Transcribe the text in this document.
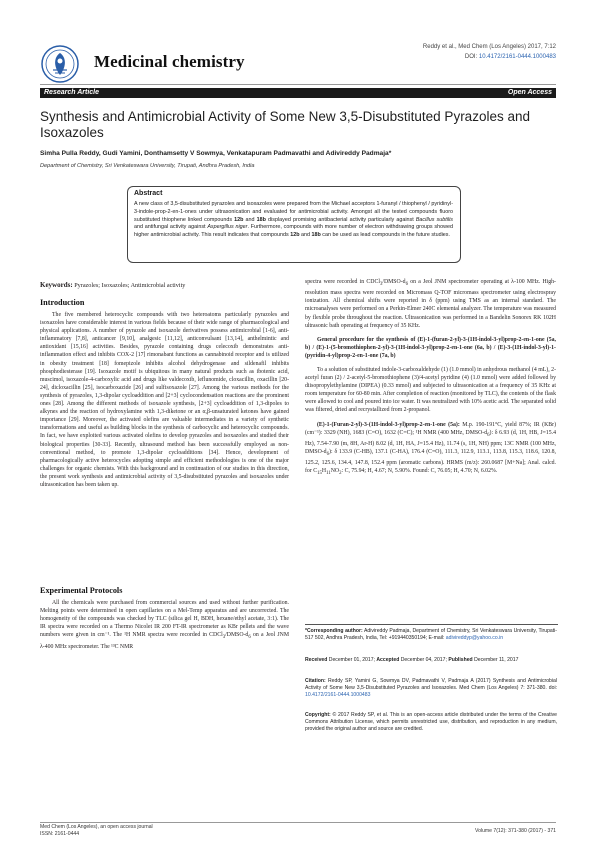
Medicinal chemistry
Reddy et al., Med Chem (Los Angeles) 2017, 7:12
DOI: 10.4172/2161-0444.1000483
Research Article	Open Access
Synthesis and Antimicrobial Activity of Some New 3,5-Disubstituted Pyrazoles and Isoxazoles
Simha Pulla Reddy, Gudi Yamini, Donthamsetty V Sowmya, Venkatapuram Padmavathi and Adivireddy Padmaja*
Department of Chemistry, Sri Venkateswara University, Tirupati, Andhra Pradesh, India
Abstract
A new class of 3,5-disubstituted pyrazoles and isoxazoles were prepared from the Michael acceptors 1-furanyl / thiophenyl / pyridinyl-3-indole-prop-2-en-1-ones under ultrasonication and evaluated for antimicrobial activity. Amongst all the tested compounds fluoro substituted thiophene linked compounds 12b and 18b displayed promising antibacterial activity particularly against Bacillus subtilis and antifungal activity against Aspergillus niger. Furthermore, compounds with more number of electron withdrawing groups showed higher antimicrobial activity. This result indicates that compounds 12b and 18b can be used as lead compounds in the future studies.
Keywords: Pyrazoles; Isoxazoles; Antimicrobial activity
Introduction

The five membered heterocyclic compounds with two heteroatoms particularly pyrazoles and isoxazoles have considerable interest in various fields because of their wide range of pharmacological and physical applications. A number of pyrazole and isoxazole derivatives possess antimicrobial [1-6], anti-inflammatory [7,8], anticancer [9,10], analgesic [11,12], anticonvulsant [13,14], anthelmintic and antioxidant [15,16] activities. Besides, pyrazole containing drugs celecoxib demonstrates anti-inflammation effect and inhibits COX-2 [17] rimonabant functions as cannabinoid receptor and is utilized in obesity treatment [18] fomepizole inhibits alcohol dehydrogenase and sildenafil inhibits phosphodiesterase [19]. Isoxazole motif is ubiquitous in many natural products such as ibotenic acid, muscimol, isoxazole-4-carboxylic acid and drugs like valdecoxib, leflunomide, cloxacillin, oxacillin [20-24], dicloxacillin [25], isocarboxazide [26] and sulfisoxazole [27]. Among the various methods for the synthesis of pyrazoles, 1,3-dipolar cycloaddition and [2+3] cyclocondensation reactions are the prominent ones [28]. Among the different methods of isoxazole synthesis, [2+3] cycloaddition of 1,3-dipoles to alkynes and the reaction of hydroxylamine with 1,3-diketone or an α,β-unsaturated ketones have gained importance [29]. Moreover, the activated olefins are valuable intermediates in a variety of synthetic transformations and useful as building blocks in the synthesis of carbocyclic and heterocyclic compounds. In fact, we have exploited various activated olefins to develop pyrazoles and isoxazoles and studied their biological properties [30-33]. Recently, ultrasound method has been successfully employed as non-conventional method, to promote 1,3-dipolar cycloadditions [34]. Hence, development of pharmacologically active heterocycles adopting simple and efficient methodologies is one of the major challenges for organic chemists. With this background and in continuation of our studies in this direction, the present work synthesis and antimicrobial activity of 3,5-disubstituted pyrazoles and isoxazoles under ultrasonication has been taken up.

Experimental Protocols

All the chemicals were purchased from commercial sources and used without further purification. Melting points were determined in open capillaries on a Mel-Temp apparatus and are uncorrected. The homogeneity of the compounds was checked by TLC (silica gel H, BDH, hexane/ethyl acetate, 3:1). The IR spectra were recorded on a Thermo Nicolet IR 200 FT-IR spectrometer as KBr pellets and the wave numbers were given in cm⁻¹. The ¹H NMR spectra were recorded in $CDCl_3/DMSO-d_6$ on a Jeol JNM λ-400 MHz spectrometer. The ¹³C NMR

spectra were recorded in $CDCl_3/DMSO-d_6$ on a Jeol JNM spectrometer operating at λ-100 MHz. High-resolution mass spectra were recorded on Micromass Q-TOF micromass spectrometer using electrospray ionization. All chemical shifts were reported in δ (ppm) using TMS as an internal standard. The microanalyses were performed on a Perkin-Elmer 240C elemental analyzer. The temperature was measured by flexible probe throughout the reaction. Ultrasonication was performed in a Bandelin Sonorex RK 102H ultrasonic bath operating at frequency of 35 KHz.

General procedure for the synthesis of (E)-1-(furan-2-yl)-3-(1H-indol-3-yl)prop-2-en-1-one (5a, b) / (E)-1-(5-bromothiophen-2-yl)-3-(1H-indol-3-yl)prop-2-en-1-one (6a, b) / (E)-3-(1H-indol-3-yl)-1-(pyridin-4-yl)prop-2-en-1-one (7a, b)

To a solution of substituted indole-3-carboxaldehyde (1) (1.0 mmol) in anhydrous methanol (4 mL), 2-acetyl furan (2) / 2-acetyl-5-bromothiophene (3)/4-acetyl pyridine (4) (1.0 mmol) were added followed by diisopropylethylamine (DIPEA) (0.33 mmol) and subjected to ultrasonication at a frequency of 35 KHz at room temperature for 60-80 min. After completion of reaction (monitored by TLC), the contents of the flask were allowed to cool and poured into ice water. It was neutralized with 10% acetic acid. The separated solid was filtered, dried and recrystallized from 2-propanol.

(E)-1-(Furan-2-yl)-3-(1H-indol-3-yl)prop-2-en-1-one (5a): M.p. 190-191°C, yield 87%; IR (KBr) (cm⁻¹): 3329 (NH), 1683 (C=O), 1632 (C=C); ¹H NMR (400 MHz, DMSO-$d_6$): δ 6.93 (d, 1H, HB, J=15.4 Hz), 7.54-7.90 (m, 8H, Ar-H) 8.02 (d, 1H, HA, J=15.4 Hz), 11.74 (s, 1H, NH) ppm; 13C NMR (100 MHz, DMSO-$d_6$): δ 133.9 (C-HB), 137.1 (C-HA), 176.4 (C=O), 111.3, 112.9, 113.1, 113.8, 115.3, 118.6, 120.8, 125.2, 125.6, 134.4, 147.8, 152.4 ppm (aromatic carbons). HRMS (m/z): 260.0687 [M+Na]; Anal. calcd. for $C_{15}H_{11}NO_2$: C, 75.94; H, 4.67; N, 5.90%. Found: C, 76.05; H, 4.70; N, 6.02%.

*Corresponding author: Adivireddy Padmaja, Department of Chemistry, Sri Venkateswara University, Tirupati-517 502, Andhra Pradesh, India, Tel: +919440350194; E-mail: adivireddyp@yahoo.co.in
Received December 01, 2017; Accepted December 04, 2017; Published December 11, 2017
Citation: Reddy SP, Yamini G, Sowmya DV, Padmavathi V, Padmaja A (2017) Synthesis and Antimicrobial Activity of Some New 3,5-Disubstituted Pyrazoles and Isoxazoles. Med Chem (Los Angeles) 7: 371-380. doi: 10.4172/2161-0444.1000483
Copyright: © 2017 Reddy SP, et al. This is an open-access article distributed under the terms of the Creative Commons Attribution License, which permits unrestricted use, distribution, and reproduction in any medium, provided the original author and source are credited.
Med Chem (Los Angeles), an open access journal
ISSN: 2161-0444	Volume 7(12): 371-380 (2017) - 371
